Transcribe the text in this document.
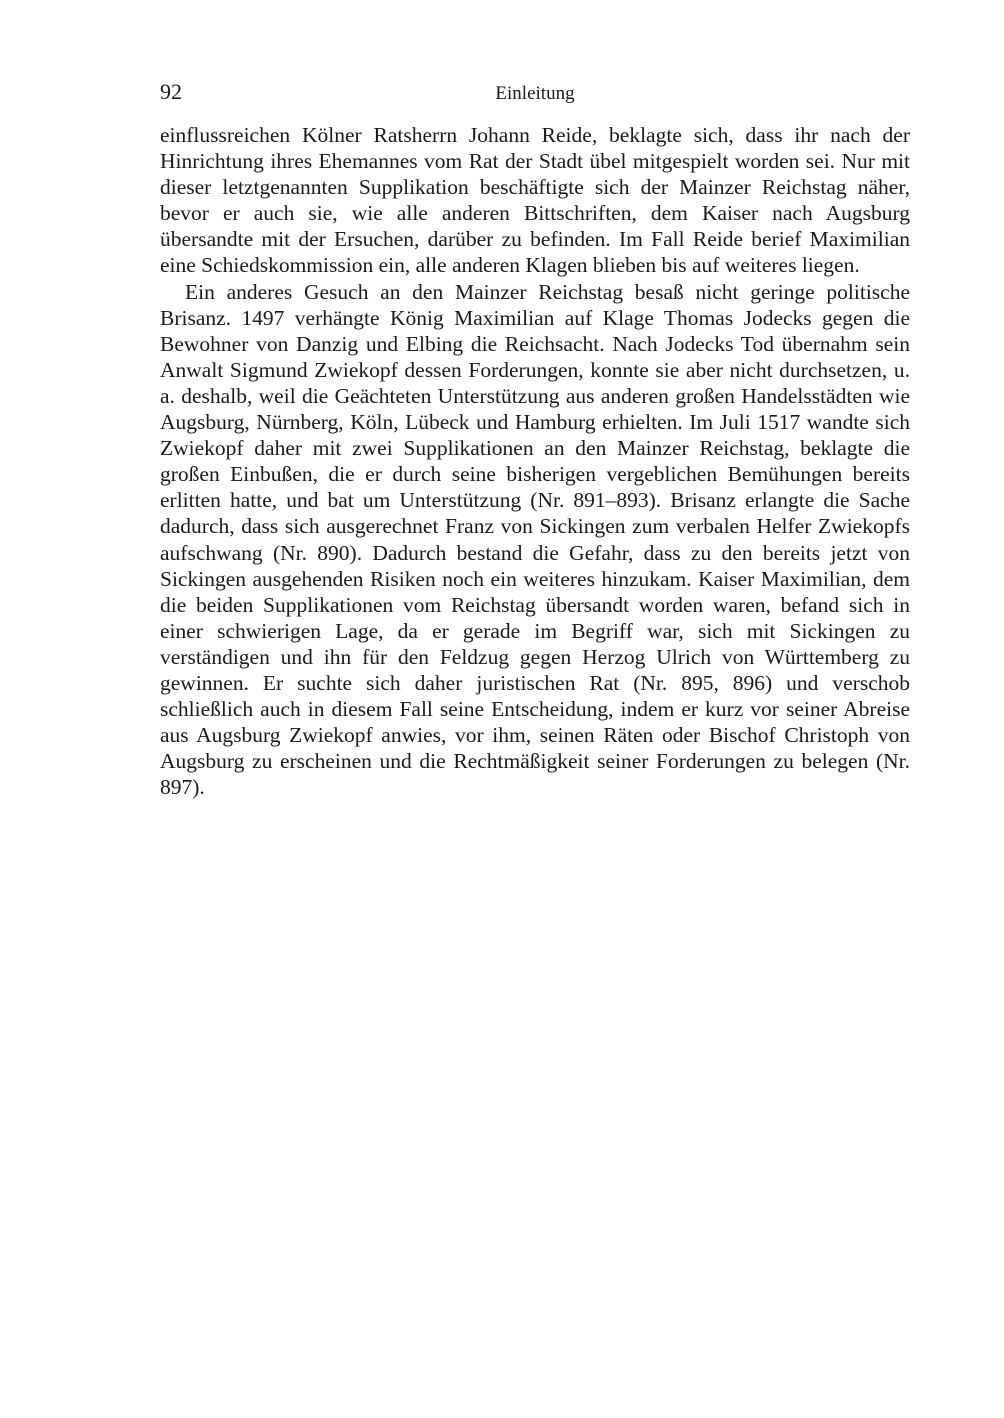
92	Einleitung

einflussreichen Kölner Ratsherrn Johann Reide, beklagte sich, dass ihr nach der Hinrichtung ihres Ehemannes vom Rat der Stadt übel mitgespielt worden sei. Nur mit dieser letztgenannten Supplikation beschäftigte sich der Mainzer Reichstag näher, bevor er auch sie, wie alle anderen Bittschriften, dem Kaiser nach Augsburg übersandte mit der Ersuchen, darüber zu befinden. Im Fall Reide berief Maximilian eine Schiedskommission ein, alle anderen Klagen blieben bis auf weiteres liegen.

Ein anderes Gesuch an den Mainzer Reichstag besaß nicht geringe politische Brisanz. 1497 verhängte König Maximilian auf Klage Thomas Jodecks gegen die Bewohner von Danzig und Elbing die Reichsacht. Nach Jodecks Tod übernahm sein Anwalt Sigmund Zwiekopf dessen Forderungen, konnte sie aber nicht durchsetzen, u. a. deshalb, weil die Geächteten Unterstützung aus anderen großen Handelsstädten wie Augsburg, Nürnberg, Köln, Lübeck und Hamburg erhielten. Im Juli 1517 wandte sich Zwiekopf daher mit zwei Supplikationen an den Mainzer Reichstag, beklagte die großen Einbußen, die er durch seine bisherigen vergeblichen Bemühungen bereits erlitten hatte, und bat um Unterstützung (Nr. 891–893). Brisanz erlangte die Sache dadurch, dass sich ausgerechnet Franz von Sickingen zum verbalen Helfer Zwiekopfs aufschwang (Nr. 890). Dadurch bestand die Gefahr, dass zu den bereits jetzt von Sickingen ausgehenden Risiken noch ein weiteres hinzukam. Kaiser Maximilian, dem die beiden Supplikationen vom Reichstag übersandt worden waren, befand sich in einer schwierigen Lage, da er gerade im Begriff war, sich mit Sickingen zu verständigen und ihn für den Feldzug gegen Herzog Ulrich von Württemberg zu gewinnen. Er suchte sich daher juristischen Rat (Nr. 895, 896) und verschob schließlich auch in diesem Fall seine Entscheidung, indem er kurz vor seiner Abreise aus Augsburg Zwiekopf anwies, vor ihm, seinen Räten oder Bischof Christoph von Augsburg zu erscheinen und die Rechtmäßigkeit seiner Forderungen zu belegen (Nr. 897).
